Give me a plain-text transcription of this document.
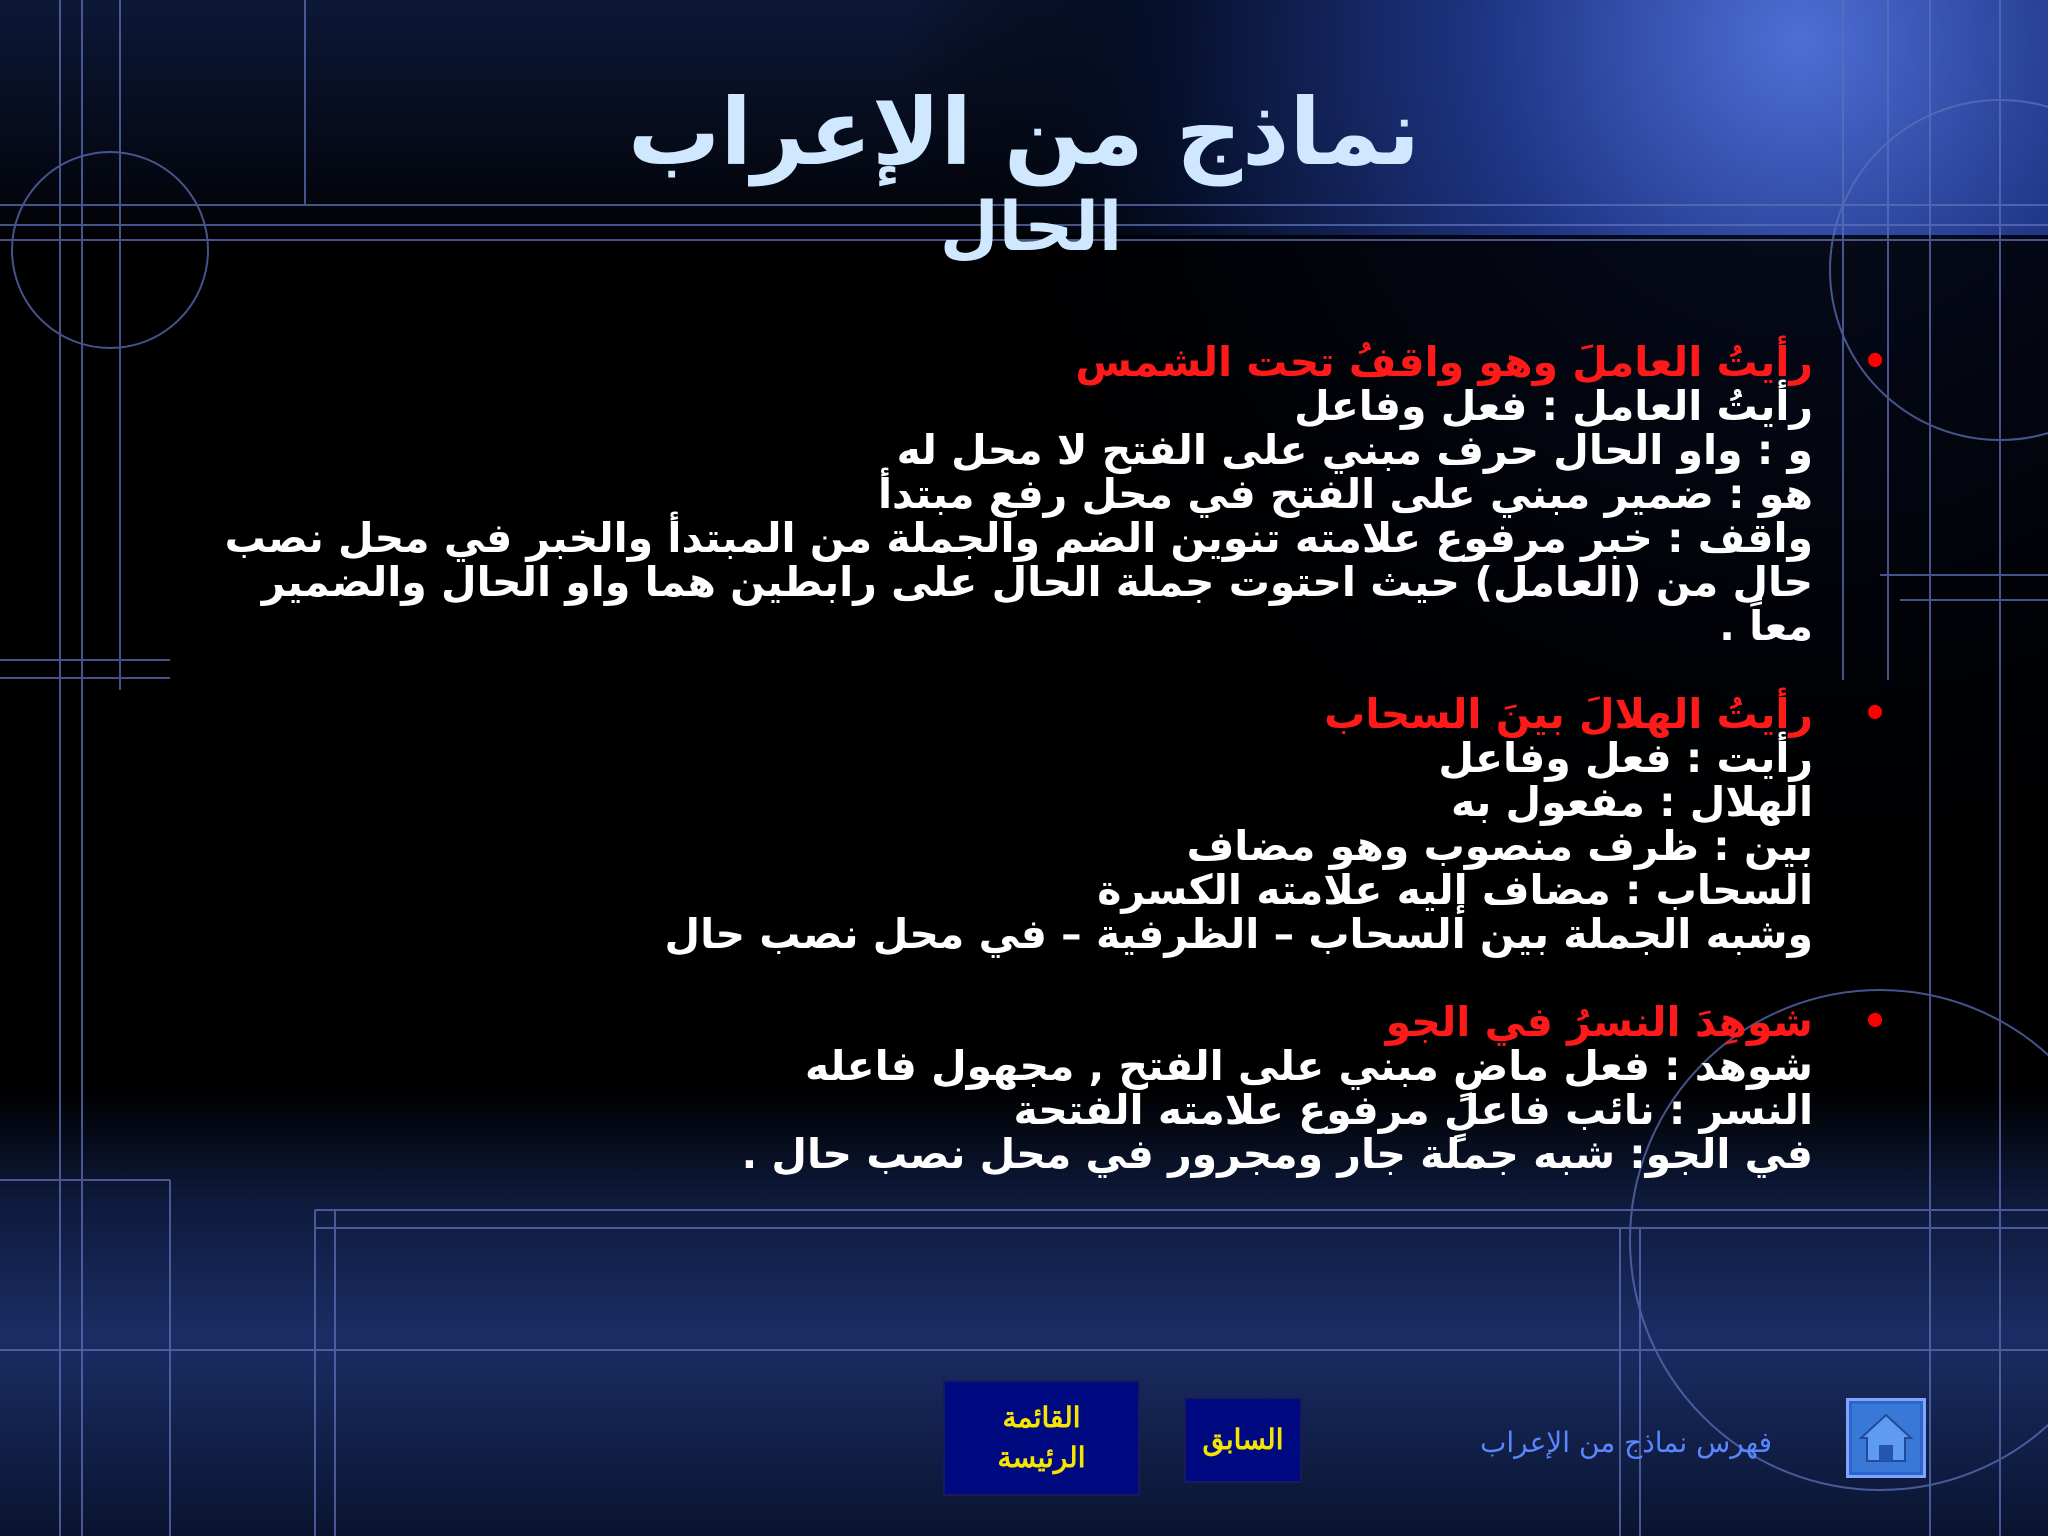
نماذج من الإعراب
الحال
•
رأيتُ العاملَ وهو واقفُ تحت الشمس
رأيتُ العامل : فعل وفاعل
و : واو الحال حرف مبني على الفتح لا محل له
هو : ضمير مبني على الفتح في محل رفع مبتدأ
واقف : خبر مرفوع علامته تنوين الضم والجملة من المبتدأ والخبر في محل نصب
حال من (العامل) حيث احتوت جملة الحال على رابطين هما واو الحال والضمير
معاً .
•
رأيتُ الهلالَ بينَ السحاب
رأيت : فعل وفاعل
الهلال : مفعول به
بين : ظرف منصوب وهو مضاف
السحاب : مضاف إليه علامته الكسرة
وشبه الجملة بين السحاب – الظرفية – في محل نصب حال
•
شوهِدَ النسرُ في الجو
شوهد : فعل ماضٍ مبني على الفتح , مجهول فاعله
النسر : نائب فاعلٍ مرفوع علامته الفتحة
في الجو: شبه جملة جار ومجرور في محل نصب حال .
القائمة
الرئيسة
السابق	فهرس نماذج من الإعراب
